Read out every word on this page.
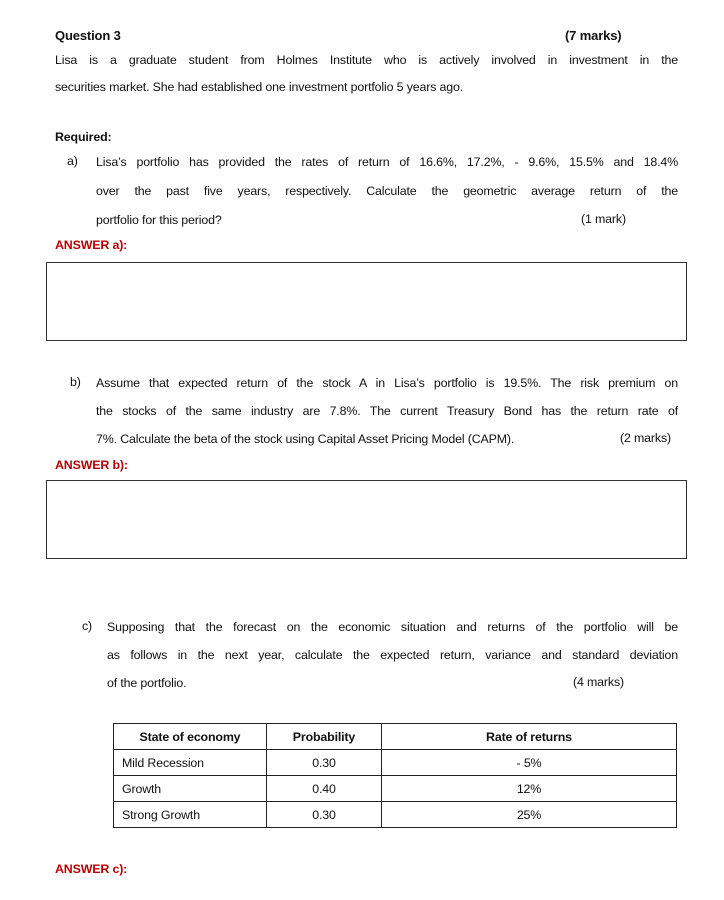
Question 3	(7 marks)
Lisa is a graduate student from Holmes Institute who is actively involved in investment in the
securities market. She had established one investment portfolio 5 years ago.
Required:
a) Lisa’s portfolio has provided the rates of return of 16.6%, 17.2%, - 9.6%, 15.5% and 18.4%
over the past five years, respectively. Calculate the geometric average return of the
portfolio for this period?	(1 mark)
ANSWER a):
b) Assume that expected return of the stock A in Lisa’s portfolio is 19.5%. The risk premium on
the stocks of the same industry are 7.8%. The current Treasury Bond has the return rate of
7%. Calculate the beta of the stock using Capital Asset Pricing Model (CAPM).	(2 marks)
ANSWER b):
c) Supposing that the forecast on the economic situation and returns of the portfolio will be
as follows in the next year, calculate the expected return, variance and standard deviation
of the portfolio.	(4 marks)
State of economy	Probability	Rate of returns
Mild Recession	0.30	- 5%
Growth	0.40	12%
Strong Growth	0.30	25%
ANSWER c):
